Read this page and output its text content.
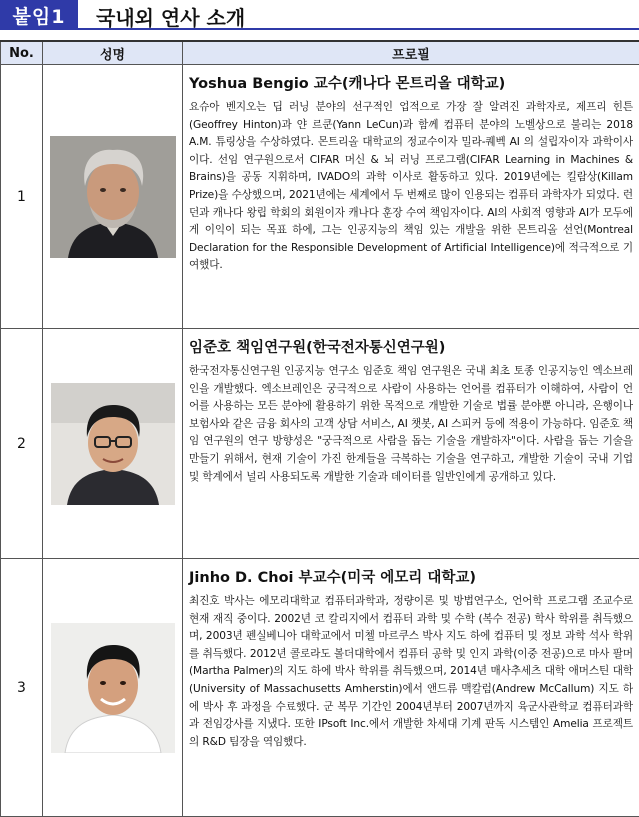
붙임1	국내외 연사 소개
No.	성명	프로필
1		Yoshua Bengio 교수(캐나다 몬트리올 대학교)

요슈아 벤지오는 딥 러닝 분야의 선구적인 업적으로 가장 잘 알려진 과학자로, 제프리 힌튼(Geoffrey Hinton)과 얀 르쿤(Yann LeCun)과 함께 컴퓨터 분야의 노벨상으로 불리는 2018 A.M. 튜링상을 수상하였다. 몬트리올 대학교의 정교수이자 밀라-퀘벡 AI 의 설립자이자 과학이사이다. 선임 연구원으로서 CIFAR 머신 & 뇌 러닝 프로그램(CIFAR Learning in Machines & Brains)을 공동 지휘하며, IVADO의 과학 이사로 활동하고 있다. 2019년에는 킬람상(Killam Prize)을 수상했으며, 2021년에는 세계에서 두 번째로 많이 인용되는 컴퓨터 과학자가 되었다. 런던과 캐나다 왕립 학회의 회원이자 캐나다 훈장 수여 책임자이다. AI의 사회적 영향과 AI가 모두에게 이익이 되는 목표 하에, 그는 인공지능의 책임 있는 개발을 위한 몬트리올 선언(Montreal Declaration for the Responsible Development of Artificial Intelligence)에 적극적으로 기여했다.

2		임준호 책임연구원(한국전자통신연구원)

한국전자통신연구원 인공지능 연구소 임준호 책임 연구원은 국내 최초 토종 인공지능인 엑소브레인을 개발했다. 엑소브레인은 궁극적으로 사람이 사용하는 언어를 컴퓨터가 이해하여, 사람이 언어를 사용하는 모든 분야에 활용하기 위한 목적으로 개발한 기술로 법률 분야뿐 아니라, 은행이나 보험사와 같은 금융 회사의 고객 상담 서비스, AI 챗봇, AI 스피커 등에 적용이 가능하다. 임준호 책임 연구원의 연구 방향성은 "궁극적으로 사람을 돕는 기술을 개발하자"이다. 사람을 돕는 기술을 만들기 위해서, 현재 기술이 가진 한계들을 극복하는 기술을 연구하고, 개발한 기술이 국내 기업 및 학계에서 널리 사용되도록 개발한 기술과 데이터를 일반인에게 공개하고 있다.

3		Jinho D. Choi 부교수(미국 에모리 대학교)

최진호 박사는 에모리대학교 컴퓨터과학과, 정량이론 및 방법연구소, 언어학 프로그램 조교수로 현재 재직 중이다. 2002년 코 칼리지에서 컴퓨터 과학 및 수학 (복수 전공) 학사 학위를 취득했으며, 2003년 펜실베니아 대학교에서 미첼 마르쿠스 박사 지도 하에 컴퓨터 및 정보 과학 석사 학위를 취득했다. 2012년 콜로라도 볼더대학에서 컴퓨터 공학 및 인지 과학(이중 전공)으로 마사 팔머(Martha Palmer)의 지도 하에 박사 학위를 취득했으며, 2014년 매사추세츠 대학 애머스틴 대학(University of Massachusetts Amherstin)에서 앤드류 맥칼럼(Andrew McCallum) 지도 하에 박사 후 과정을 수료했다. 군 복무 기간인 2004년부터 2007년까지 육군사관학교 컴퓨터과학과 전임강사를 지냈다. 또한 IPsoft Inc.에서 개발한 차세대 기계 판독 시스템인 Amelia 프로젝트의 R&D 팀장을 역임했다.
